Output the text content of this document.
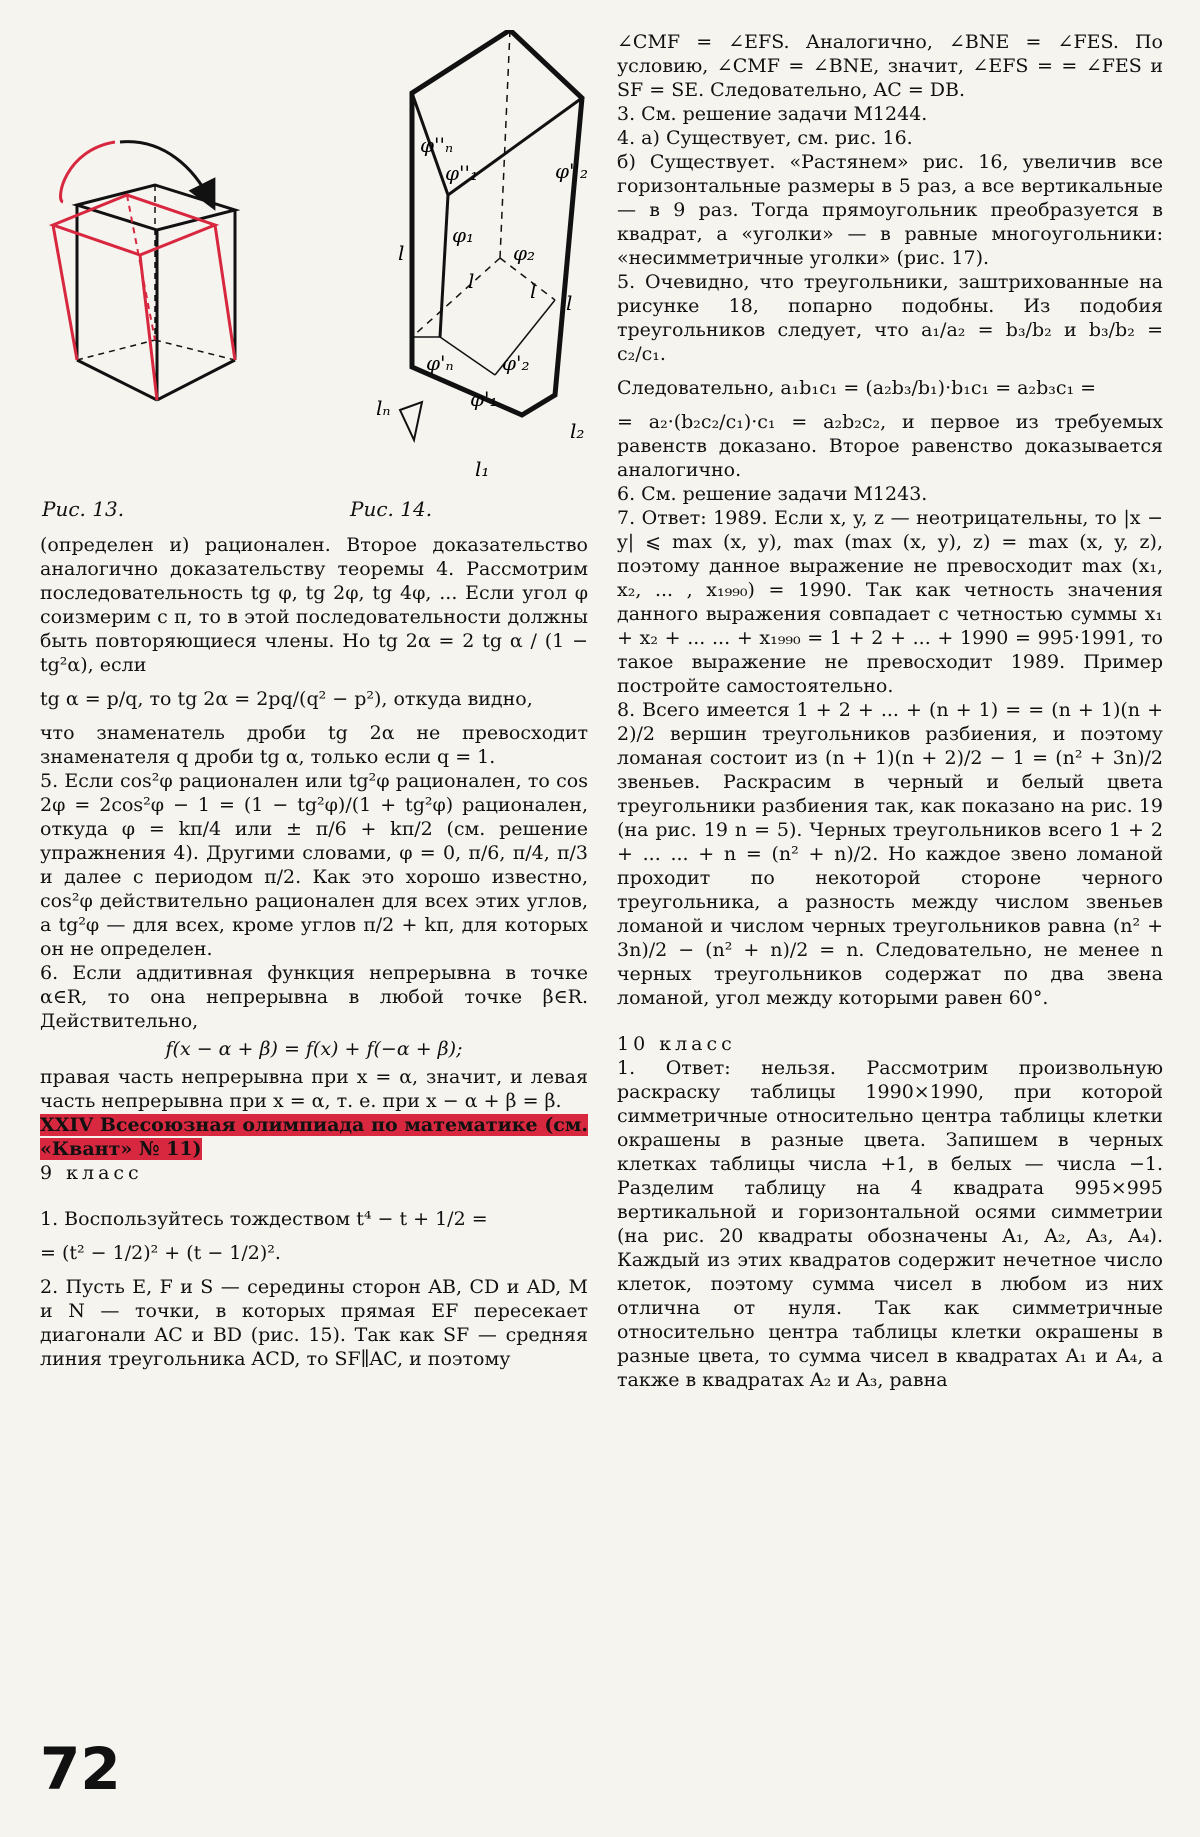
φ''ₙ
φ''₁	φ''₂
φ₁
φ₂
l
l	l l
φ'ₙ φ'₂
φ'₁
lₙ
l₂
l₁
Рис. 13.	Рис. 14.

(определен и) рационален. Второе доказательство аналогично доказательству теоремы 4. Рассмотрим последовательность tg φ, tg 2φ, tg 4φ, ... Если угол φ соизмерим с π, то в этой последовательности должны быть повторяющиеся члены. Но tg 2α = 2 tg α / (1 − tg²α), если

tg α = p/q, то tg 2α = 2pq/(q² − p²), откуда видно,

что знаменатель дроби tg 2α не превосходит знаменателя q дроби tg α, только если q = 1.

5. Если cos²φ рационален или tg²φ рационален, то cos 2φ = 2cos²φ − 1 = (1 − tg²φ)/(1 + tg²φ) рационален, откуда φ = kπ/4 или ± π/6 + kπ/2 (см. решение упражнения 4). Другими словами, φ = 0, π/6, π/4, π/3 и далее с периодом π/2. Как это хорошо известно, cos²φ действительно рационален для всех этих углов, а tg²φ — для всех, кроме углов π/2 + kπ, для которых он не определен.

6. Если аддитивная функция непрерывна в точке α∈R, то она непрерывна в любой точке β∈R. Действительно,

f(x − α + β) = f(x) + f(−α + β);

правая часть непрерывна при x = α, значит, и левая часть непрерывна при x = α, т. е. при x − α + β = β.

XXIV Всесоюзная олимпиада по математике (см. «Квант» № 11)

9 класс

1. Воспользуйтесь тождеством t⁴ − t + 1/2 =

= (t² − 1/2)² + (t − 1/2)².

2. Пусть E, F и S — середины сторон AB, CD и AD, M и N — точки, в которых прямая EF пересекает диагонали AC и BD (рис. 15). Так как SF — средняя линия треугольника ACD, то SF∥AC, и поэтому

∠CMF = ∠EFS. Аналогично, ∠BNE = ∠FES. По условию, ∠CMF = ∠BNE, значит, ∠EFS = = ∠FES и SF = SE. Следовательно, AC = DB.

3. См. решение задачи М1244.

4. а) Существует, см. рис. 16.

б) Существует. «Растянем» рис. 16, увеличив все горизонтальные размеры в 5 раз, а все вертикальные — в 9 раз. Тогда прямоугольник преобразуется в квадрат, а «уголки» — в равные многоугольники: «несимметричные уголки» (рис. 17).

5. Очевидно, что треугольники, заштрихованные на рисунке 18, попарно подобны. Из подобия треугольников следует, что a₁/a₂ = b₃/b₂ и b₃/b₂ = c₂/c₁.

Следовательно, a₁b₁c₁ = (a₂b₃/b₁)·b₁c₁ = a₂b₃c₁ =

= a₂·(b₂c₂/c₁)·c₁ = a₂b₂c₂, и первое из требуемых равенств доказано. Второе равенство доказывается аналогично.

6. См. решение задачи М1243.

7. Ответ: 1989. Если x, y, z — неотрицательны, то |x − y| ⩽ max (x, y), max (max (x, y), z) = max (x, y, z), поэтому данное выражение не превосходит max (x₁, x₂, ... , x₁₉₉₀) = 1990. Так как четность значения данного выражения совпадает с четностью суммы x₁ + x₂ + ... ... + x₁₉₉₀ = 1 + 2 + ... + 1990 = 995·1991, то такое выражение не превосходит 1989. Пример постройте самостоятельно.

8. Всего имеется 1 + 2 + ... + (n + 1) = = (n + 1)(n + 2)/2 вершин треугольников разбиения, и поэтому ломаная состоит из (n + 1)(n + 2)/2 − 1 = (n² + 3n)/2 звеньев. Раскрасим в черный и белый цвета треугольники разбиения так, как показано на рис. 19 (на рис. 19 n = 5). Черных треугольников всего 1 + 2 + ... ... + n = (n² + n)/2. Но каждое звено ломаной проходит по некоторой стороне черного треугольника, а разность между числом звеньев ломаной и числом черных треугольников равна (n² + 3n)/2 − (n² + n)/2 = n. Следовательно, не менее n черных треугольников содержат по два звена ломаной, угол между которыми равен 60°.

10 класс

1. Ответ: нельзя. Рассмотрим произвольную раскраску таблицы 1990×1990, при которой симметричные относительно центра таблицы клетки окрашены в разные цвета. Запишем в черных клетках таблицы числа +1, в белых — числа −1. Разделим таблицу на 4 квадрата 995×995 вертикальной и горизонтальной осями симметрии (на рис. 20 квадраты обозначены A₁, A₂, A₃, A₄). Каждый из этих квадратов содержит нечетное число клеток, поэтому сумма чисел в любом из них отлична от нуля. Так как симметричные относительно центра таблицы клетки окрашены в разные цвета, то сумма чисел в квадратах A₁ и A₄, а также в квадратах A₂ и A₃, равна

72
